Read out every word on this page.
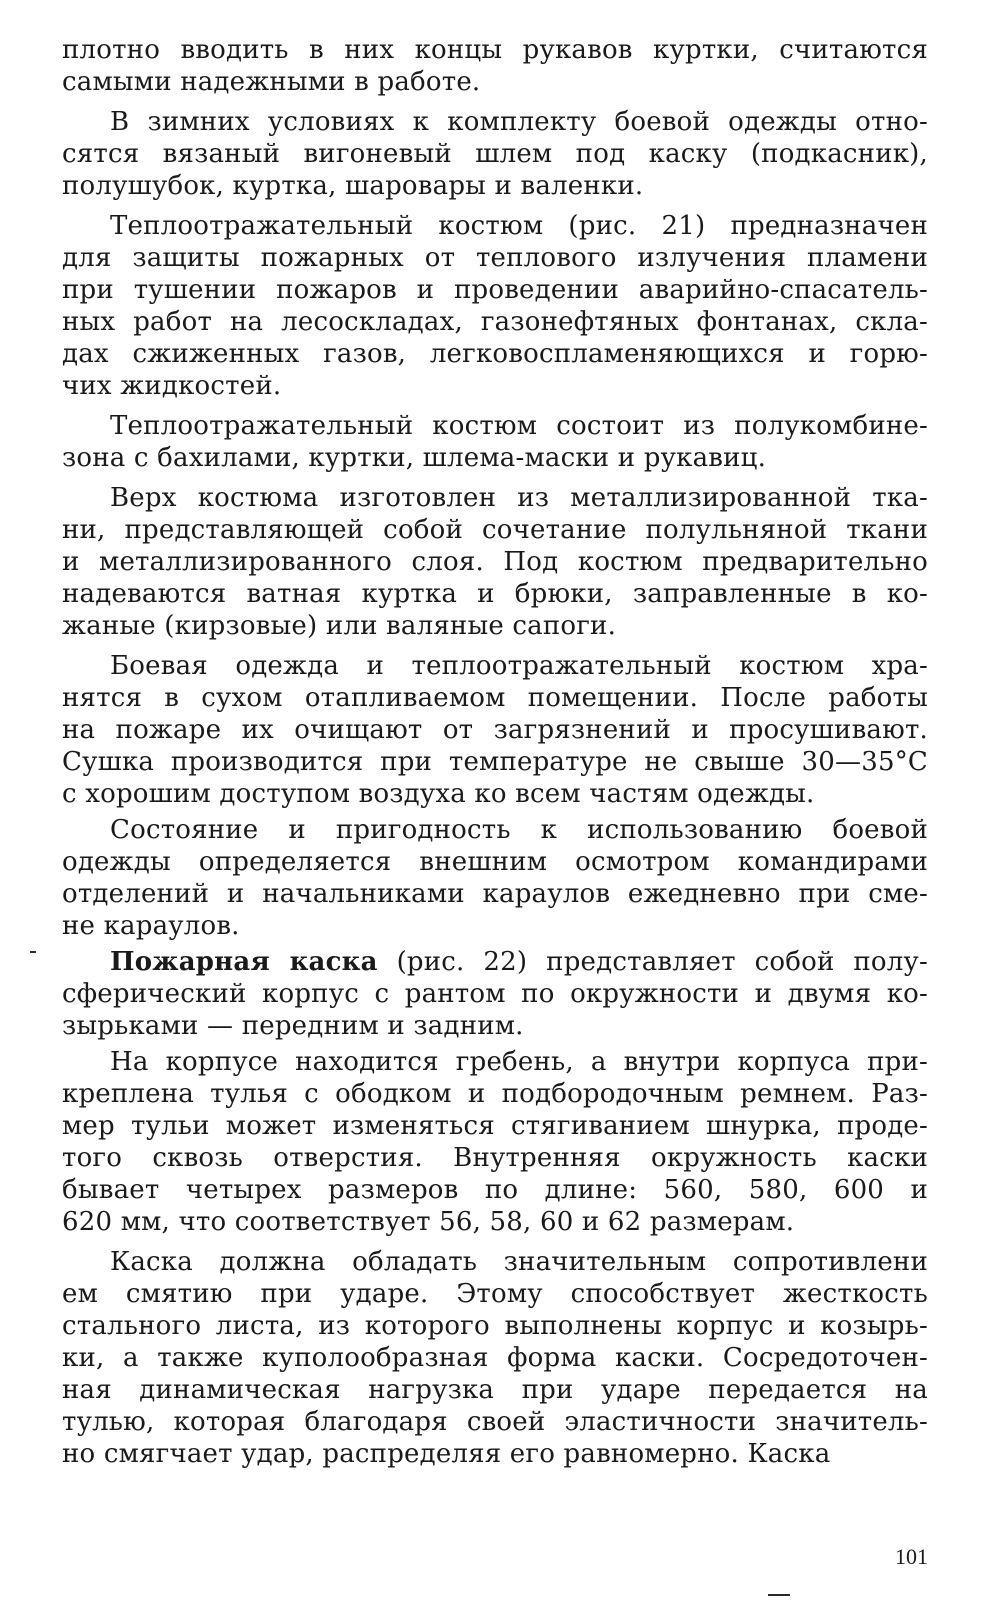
плотно вводить в них концы рукавов куртки, считаются
самыми надежными в работе.
В зимних условиях к комплекту боевой одежды отно-
сятся вязаный вигоневый шлем под каску (подкасник),
полушубок, куртка, шаровары и валенки.
Теплоотражательный костюм (рис. 21) предназначен
для защиты пожарных от теплового излучения пламени
при тушении пожаров и проведении аварийно-спасатель-
ных работ на лесоскладах, газонефтяных фонтанах, скла-
дах сжиженных газов, легковоспламеняющихся и горю-
чих жидкостей.
Теплоотражательный костюм состоит из полукомбине-
зона с бахилами, куртки, шлема-маски и рукавиц.
Верх костюма изготовлен из металлизированной тка-
ни, представляющей собой сочетание полульняной ткани
и металлизированного слоя. Под костюм предварительно
надеваются ватная куртка и брюки, заправленные в ко-
жаные (кирзовые) или валяные сапоги.
Боевая одежда и теплоотражательный костюм хра-
нятся в сухом отапливаемом помещении. После работы
на пожаре их очищают от загрязнений и просушивают.
Сушка производится при температуре не свыше 30—35°С
с хорошим доступом воздуха ко всем частям одежды.
Состояние и пригодность к использованию боевой
одежды определяется внешним осмотром командирами
отделений и начальниками караулов ежедневно при сме-
не караулов.
Пожарная каска (рис. 22) представляет собой полу-
сферический корпус с рантом по окружности и двумя ко-
зырьками — передним и задним.
На корпусе находится гребень, а внутри корпуса при-
креплена тулья с ободком и подбородочным ремнем. Раз-
мер тульи может изменяться стягиванием шнурка, проде-
того сквозь отверстия. Внутренняя окружность каски
бывает четырех размеров по длине: 560, 580, 600 и
620 мм, что соответствует 56, 58, 60 и 62 размерам.
Каска должна обладать значительным сопротивлени
ем смятию при ударе. Этому способствует жесткость
стального листа, из которого выполнены корпус и козырь-
ки, а также куполообразная форма каски. Сосредоточен-
ная динамическая нагрузка при ударе передается на
тулью, которая благодаря своей эластичности значитель-
но смягчает удар, распределяя его равномерно. Каска
101
